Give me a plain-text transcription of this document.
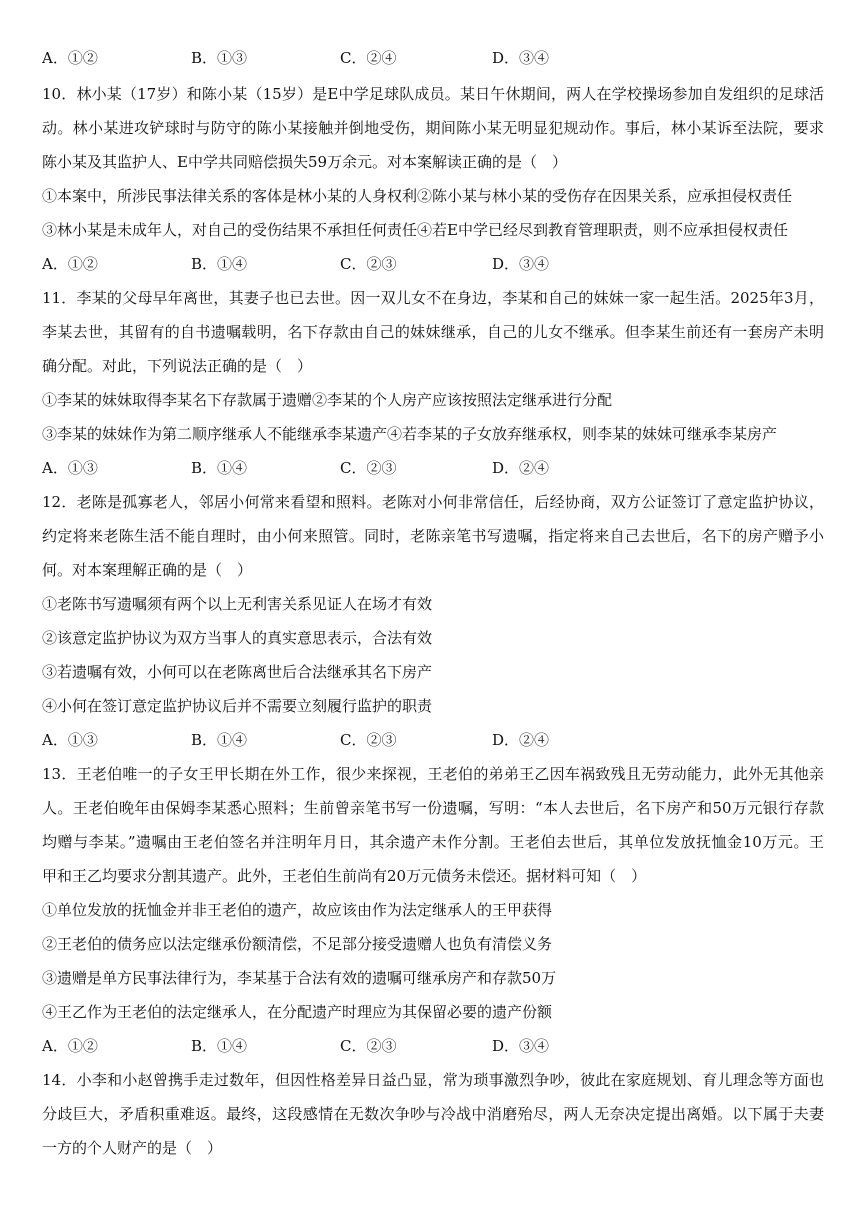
A．①②	B．①③	C．②④	D．③④
10．林小某（17岁）和陈小某（15岁）是E中学足球队成员。某日午休期间，两人在学校操场参加自发组织的足球活
动。林小某进攻铲球时与防守的陈小某接触并倒地受伤，期间陈小某无明显犯规动作。事后，林小某诉至法院，要求
陈小某及其监护人、E中学共同赔偿损失59万余元。对本案解读正确的是（　）
①本案中，所涉民事法律关系的客体是林小某的人身权利②陈小某与林小某的受伤存在因果关系，应承担侵权责任
③林小某是未成年人，对自己的受伤结果不承担任何责任④若E中学已经尽到教育管理职责，则不应承担侵权责任
A．①②	B．①④	C．②③	D．③④
11．李某的父母早年离世，其妻子也已去世。因一双儿女不在身边，李某和自己的妹妹一家一起生活。2025年3月，
李某去世，其留有的自书遗嘱载明，名下存款由自己的妹妹继承，自己的儿女不继承。但李某生前还有一套房产未明
确分配。对此，下列说法正确的是（　）
①李某的妹妹取得李某名下存款属于遗赠②李某的个人房产应该按照法定继承进行分配
③李某的妹妹作为第二顺序继承人不能继承李某遗产④若李某的子女放弃继承权，则李某的妹妹可继承李某房产
A．①③	B．①④	C．②③	D．②④
12．老陈是孤寡老人，邻居小何常来看望和照料。老陈对小何非常信任，后经协商，双方公证签订了意定监护协议，
约定将来老陈生活不能自理时，由小何来照管。同时，老陈亲笔书写遗嘱，指定将来自己去世后，名下的房产赠予小
何。对本案理解正确的是（　）
①老陈书写遗嘱须有两个以上无利害关系见证人在场才有效
②该意定监护协议为双方当事人的真实意思表示，合法有效
③若遗嘱有效，小何可以在老陈离世后合法继承其名下房产
④小何在签订意定监护协议后并不需要立刻履行监护的职责
A．①③	B．①④	C．②③	D．②④
13．王老伯唯一的子女王甲长期在外工作，很少来探视，王老伯的弟弟王乙因车祸致残且无劳动能力，此外无其他亲
人。王老伯晚年由保姆李某悉心照料；生前曾亲笔书写一份遗嘱，写明：“本人去世后，名下房产和50万元银行存款
均赠与李某。”遗嘱由王老伯签名并注明年月日，其余遗产未作分割。王老伯去世后，其单位发放抚恤金10万元。王
甲和王乙均要求分割其遗产。此外，王老伯生前尚有20万元债务未偿还。据材料可知（　）
①单位发放的抚恤金并非王老伯的遗产，故应该由作为法定继承人的王甲获得
②王老伯的债务应以法定继承份额清偿，不足部分接受遗赠人也负有清偿义务
③遗赠是单方民事法律行为，李某基于合法有效的遗嘱可继承房产和存款50万
④王乙作为王老伯的法定继承人，在分配遗产时理应为其保留必要的遗产份额
A．①②	B．①④	C．②③	D．③④
14．小李和小赵曾携手走过数年，但因性格差异日益凸显，常为琐事激烈争吵，彼此在家庭规划、育儿理念等方面也
分歧巨大，矛盾积重难返。最终，这段感情在无数次争吵与冷战中消磨殆尽，两人无奈决定提出离婚。以下属于夫妻
一方的个人财产的是（　）
